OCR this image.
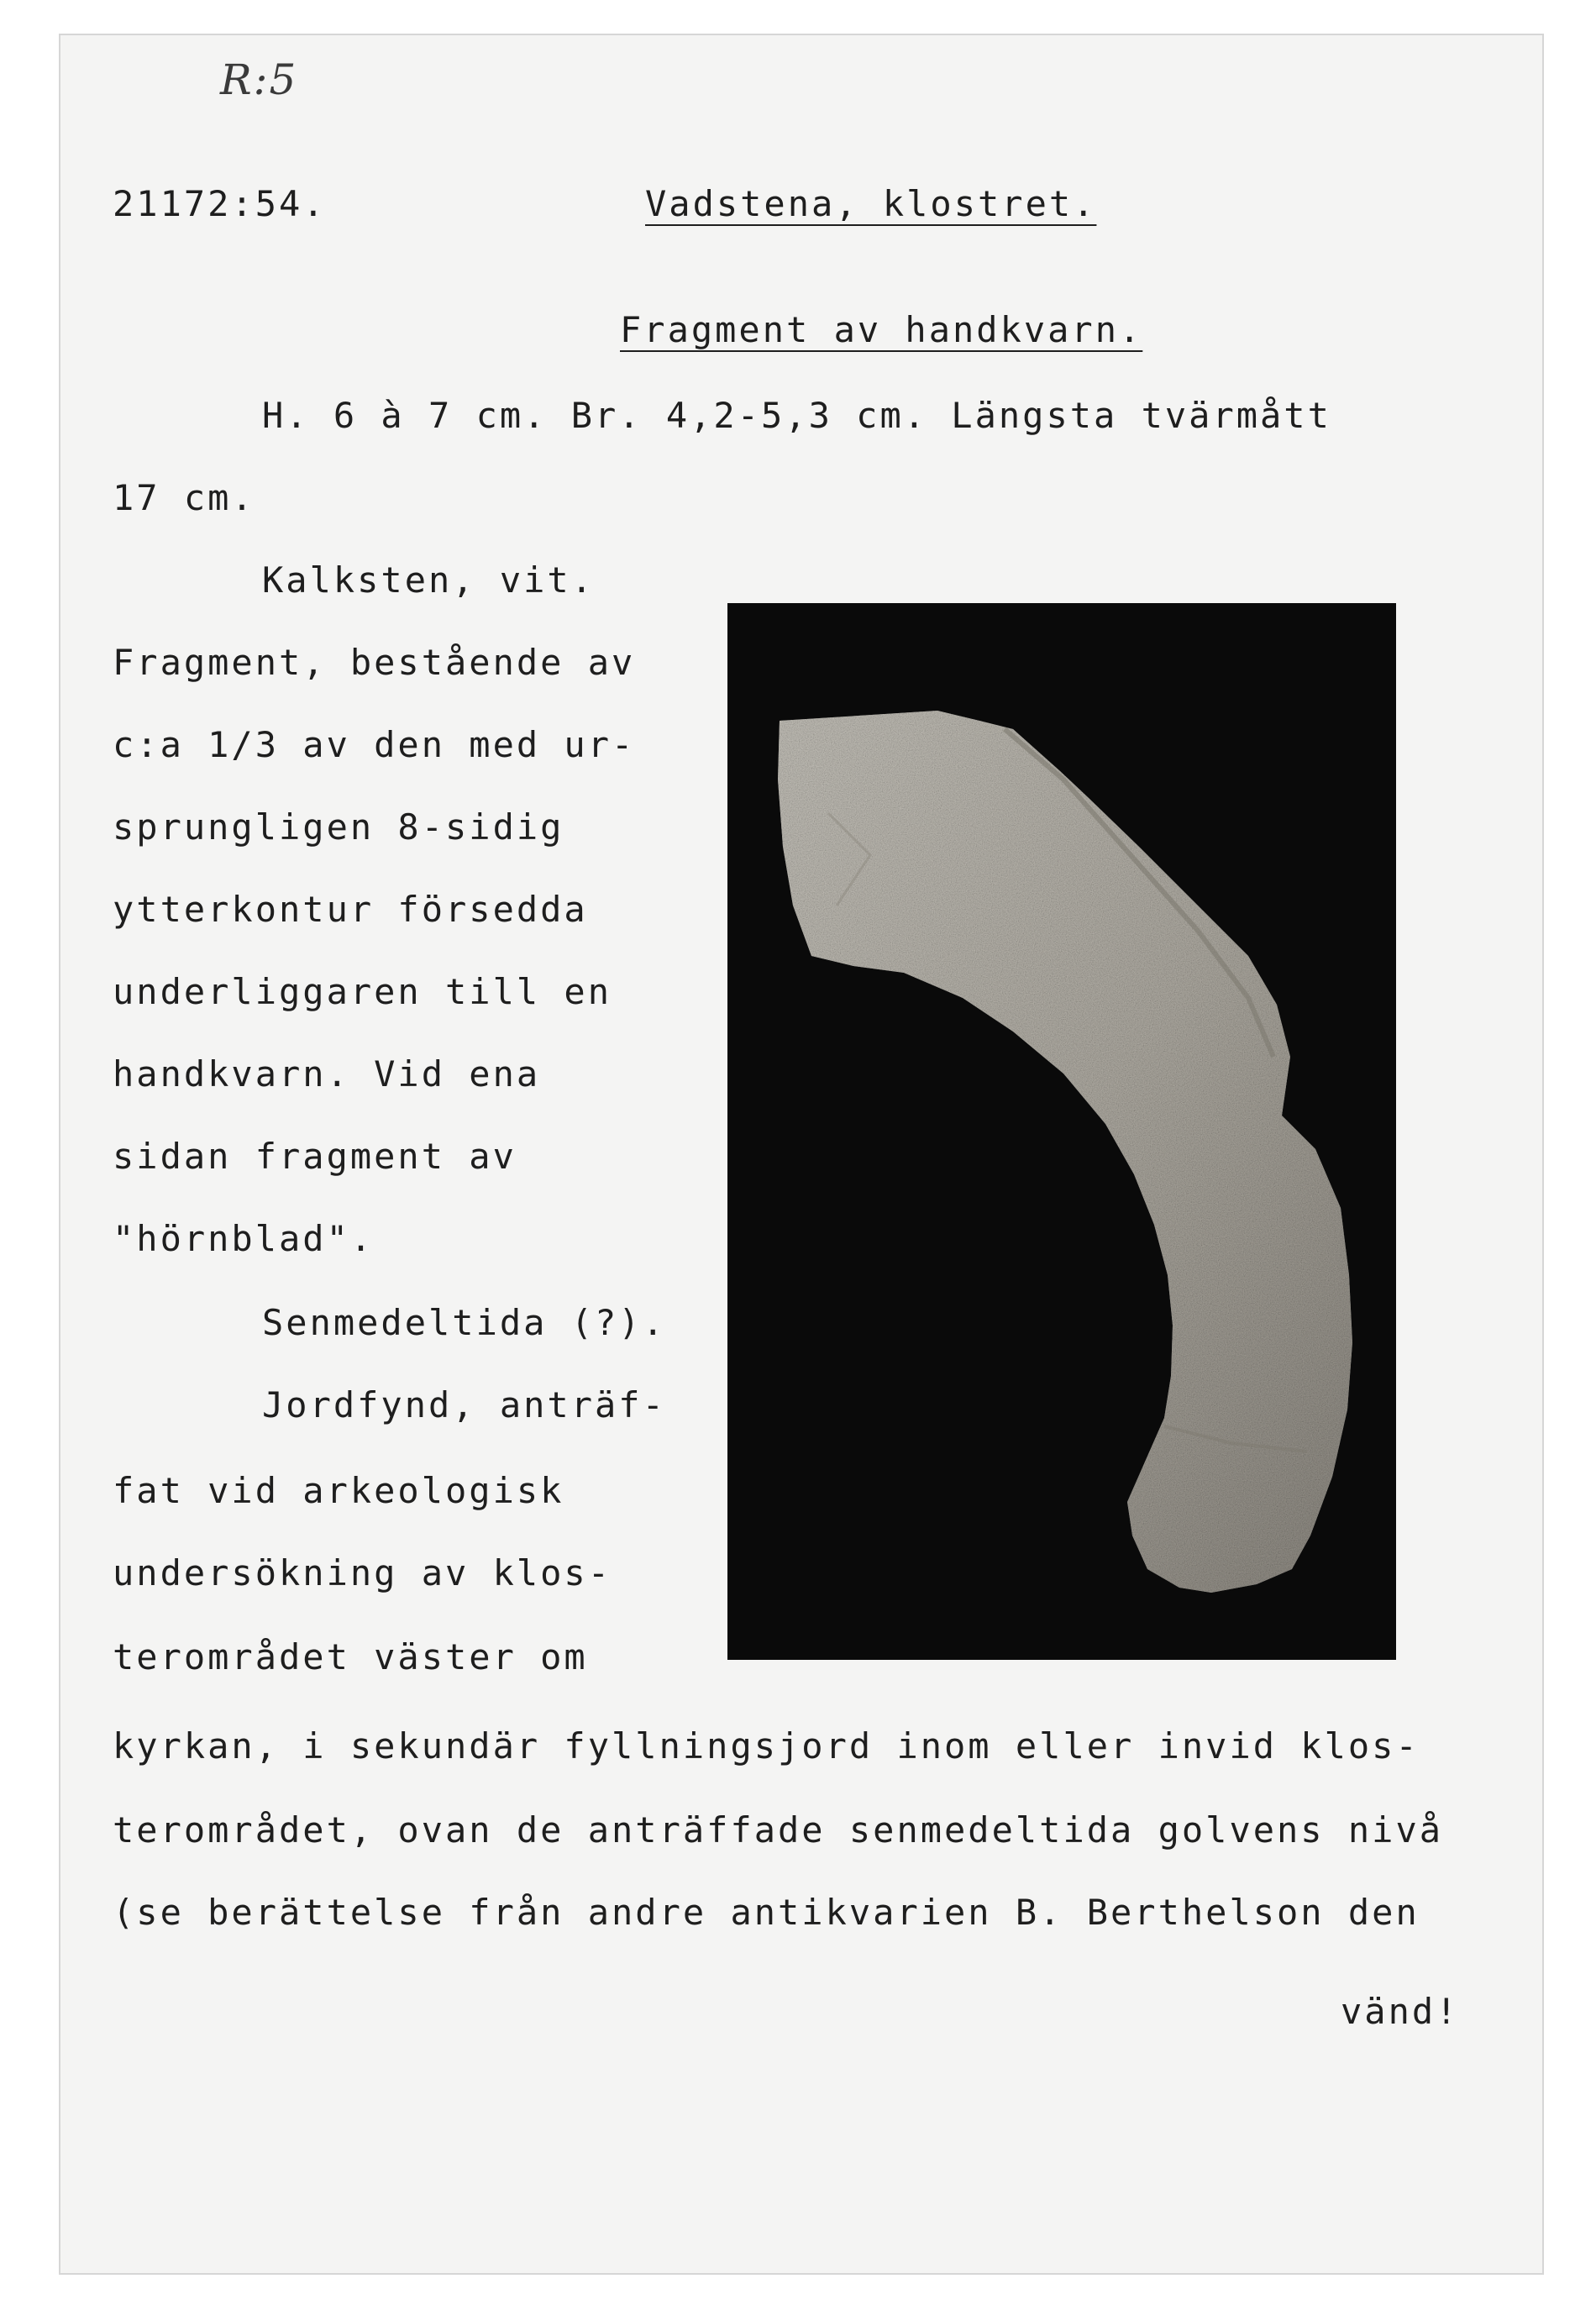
R:5
21172:54.	Vadstena, klostret.
Fragment av handkvarn.
H. 6 à 7 cm. Br. 4,2-5,3 cm. Längsta tvärmått
17 cm.
Kalksten, vit.
Fragment, bestående av
c:a 1/3 av den med ur-
sprungligen 8-sidig
ytterkontur försedda
underliggaren till en
handkvarn. Vid ena
sidan fragment av
"hörnblad".
Senmedeltida (?).
Jordfynd, anträf-
fat vid arkeologisk
undersökning av klos-
terområdet väster om
kyrkan, i sekundär fyllningsjord inom eller invid klos-
terområdet, ovan de anträffade senmedeltida golvens nivå
(se berättelse från andre antikvarien B. Berthelson den
vänd!
